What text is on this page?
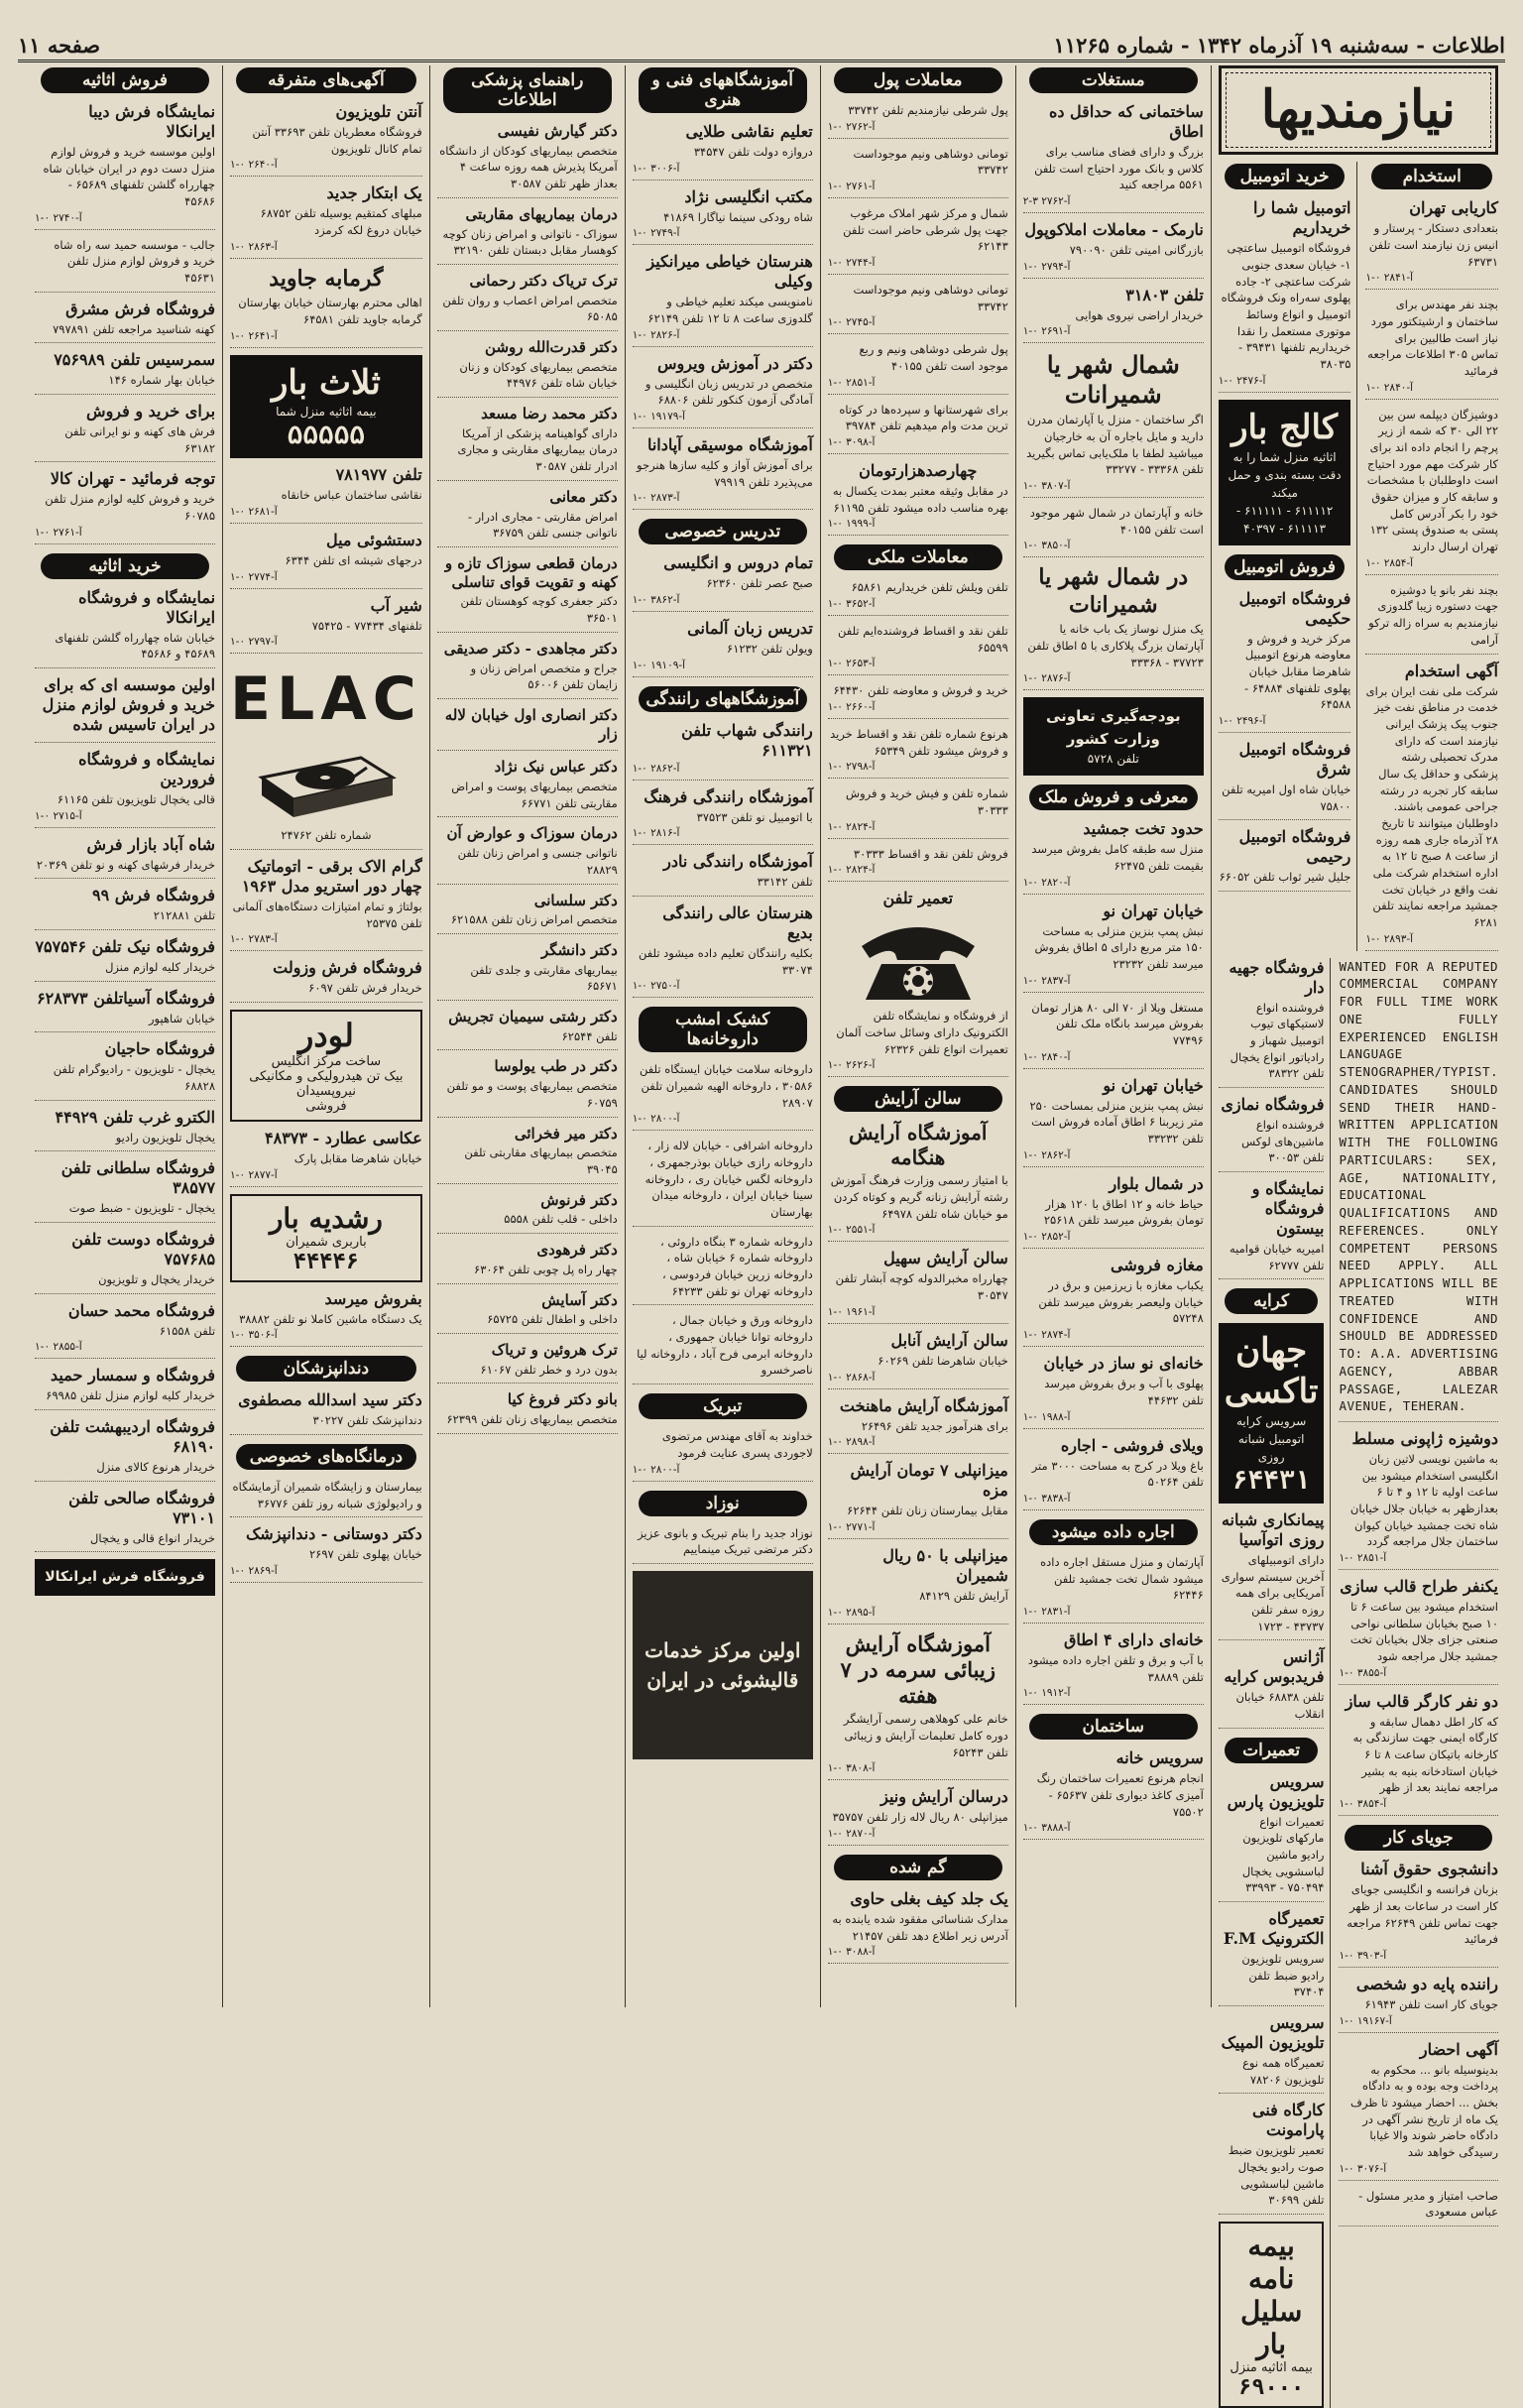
اطلاعات - سه‌شنبه ۱۹ آذرماه ۱۳۴۲ - شماره ۱۱۲۶۵
صفحه ۱۱
نیازمندیها
استخدام
کاریابی تهران

بتعدادی دستکار - پرستار و انیس زن نیازمند است تلفن ۶۳۷۳۱

۱-۰ آ-۲۸۴۱

بچند نفر مهندس برای ساختمان و ارشیتکتور مورد نیاز است طالبین برای تماس ۳۰۵ اطلاعات مراجعه فرمائید

۱-۰ آ-۲۸۴۰

دوشیزگان دیپلمه سن بین ۲۲ الی ۳۰ که شمه از زیر پرچم را انجام داده اند برای کار شرکت مهم مورد احتیاج است داوطلبان با مشخصات و سابقه کار و میزان حقوق خود را بکر آدرس کامل پستی به صندوق پستی ۱۳۲ تهران ارسال دارند

۱-۰ آ-۲۸۵۴

بچند نفر بانو یا دوشیزه جهت دستوره زیبا گلدوزی نیازمندیم به سراه زاله ترکو آرامی

آگهی استخدام

شرکت ملی نفت ایران برای خدمت در مناطق نفت خیز جنوب پیک پزشک ایرانی نیازمند است که دارای مدرک تحصیلی رشته پزشکی و حداقل یک سال سابقه کار تجربه در رشته جراحی عمومی باشند. داوطلبان میتوانند تا تاریخ ۲۸ آذرماه جاری همه روزه از ساعت ۸ صبح تا ۱۲ به اداره استخدام شرکت ملی نفت واقع در خیابان تخت جمشید مراجعه نمایند تلفن ۶۲۸۱

۱-۰ آ-۲۸۹۳
خرید اتومبیل
اتومبیل شما را خریداریم

فروشگاه اتومبیل ساعتچی ۱- خیابان سعدی جنوبی شرکت ساعتچی ۲- جاده پهلوی سه‌راه ونک فروشگاه اتومبیل و انواع وسائط موتوری مستعمل را نقدا خریداریم تلفنها ۳۹۴۳۱ - ۳۸۰۳۵

۱-۰ آ-۲۴۷۶
کالج بار
اثاثیه منزل شما را به دقت بسته بندی و حمل میکند
۶۱۱۱۱۲ - ۶۱۱۱۱۱ - ۶۱۱۱۱۳ - ۴۰۳۹۷
فروش اتومبیل
فروشگاه اتومبیل حکیمی

مرکز خرید و فروش و معاوضه هرنوع اتومبیل شاهرضا مقابل خیابان پهلوی تلفنهای ۶۴۸۸۴ - ۶۴۵۸۸

۱-۰ آ-۲۴۹۶
فروشگاه اتومبیل شرق

خیابان شاه اول امیریه تلفن ۷۵۸۰۰

فروشگاه اتومبیل رحیمی

جلیل شیر ثواب تلفن ۶۶۰۵۲

WANTED FOR A REPUTED COMMERCIAL COMPANY FOR FULL TIME WORK ONE FULLY EXPERIENCED ENGLISH LANGUAGE STENOGRAPHER/TYPIST. CANDIDATES SHOULD SEND THEIR HAND-WRITTEN APPLICATION WITH THE FOLLOWING PARTICULARS: SEX, AGE, NATIONALITY, EDUCATIONAL QUALIFICATIONS AND REFERENCES. ONLY COMPETENT PERSONS NEED APPLY. ALL APPLICATIONS WILL BE TREATED WITH CONFIDENCE AND SHOULD BE ADDRESSED TO: A.A. ADVERTISING AGENCY, ABBAR PASSAGE, LALEZAR AVENUE, TEHERAN.
دوشیزه ژاپونی مسلط

به ماشین نویسی لاتین زبان انگلیسی استخدام میشود بین ساعت اولیه تا ۱۲ و ۴ تا ۶ بعدازظهر به خیابان جلال خیابان شاه تخت جمشید خیابان کیوان ساختمان جلال مراجعه گردد

۱-۰ آ-۲۸۵۱
یکنفر طراح قالب سازی

استخدام میشود بین ساعت ۶ تا ۱۰ صبح بخیابان سلطانی نواحی صنعتی جزای جلال بخیابان تخت جمشید جلال مراجعه شود

۱-۰ آ-۳۸۵۵
دو نفر کارگر قالب ساز

که کار اطل دهمال سابقه و کارگاه ایمنی جهت سازندگی به کارخانه باتیکان ساعت ۸ تا ۶ خیابان استادخانه بنیه به بشیر مراجعه نمایند بعد از ظهر

۱-۰ آ-۳۸۵۴
جویای کار
دانشجوی حقوق آشنا

بزبان فرانسه و انگلیسی جویای کار است در ساعات بعد از ظهر جهت تماس تلفن ۶۲۶۴۹ مراجعه فرمائید

۱-۰ آ-۳۹۰۳
راننده پایه دو شخصی

جویای کار است تلفن ۶۱۹۴۳

۱-۰ آ-۱۹۱۶۷
آگهی احضار

بدینوسیله بانو ... محکوم به پرداخت وجه بوده و به دادگاه بخش ... احضار میشود تا ظرف یک ماه از تاریخ نشر آگهی در دادگاه حاضر شوند والا غیابا رسیدگی خواهد شد

۱-۰ آ-۳۰۷۶

صاحب امتیاز و مدیر مسئول - عباس مسعودی

فروشگاه جهیه دار

فروشنده انواع لاستیکهای تیوب اتومبیل شهباز و رادیاتور انواع یخچال تلفن ۳۸۳۲۲

فروشگاه نمازی

فروشنده انواع ماشین‌های لوکس تلفن ۳۰۰۵۳

نمایشگاه و فروشگاه بیستون

امیریه خیابان قوامیه تلفن ۶۲۷۷۷

کرایه
جهان تاکسی
سرویس کرایه اتومبیل شبانه روزی
۶۴۴۳۱
پیمانکاری شبانه روزی اتوآسیا

دارای اتومبیلهای آخرین سیستم سواری آمریکایی برای همه روزه سفر تلفن ۴۳۷۳۷ - ۱۷۲۳

آژانس فریدبوس کرایه

تلفن ۶۸۸۳۸ خیابان انقلاب

تعمیرات
سرویس تلویزیون پارس

تعمیرات انواع مارکهای تلویزیون رادیو ماشین لباسشویی یخچال ۷۵۰۴۹۴ - ۳۳۹۹۳

تعمیرگاه الکترونیک F.M

سرویس تلویزیون رادیو ضبط تلفن ۳۷۴۰۴

سرویس تلویزیون المپیک

تعمیرگاه همه نوع تلویزیون ۷۸۲۰۶

کارگاه فنی پارامونت

تعمیر تلویزیون ضبط صوت رادیو یخچال ماشین لباسشویی تلفن ۳۰۶۹۹

بیمه نامه سلیل بار
بیمه اثاثیه منزل
۶۹۰۰۰
مستغلات
ساختمانی که حداقل ده اطاق

بزرگ و دارای فضای مناسب برای کلاس و بانک مورد احتیاج است تلفن ۵۵۶۱ مراجعه کنید

۲-۳ آ-۲۷۶۲
نارمک - معاملات املاکوپول

بازرگانی امینی تلفن ۷۹۰۰۹۰

۱-۰ آ-۲۷۹۴
تلفن ۳۱۸۰۳

خریدار اراضی نیروی هوایی

۱-۰ آ-۲۶۹۱
شمال شهر یا شمیرانات

اگر ساختمان - منزل یا آپارتمان مدرن دارید و مایل باجاره آن به خارجیان میباشید لطفا با ملک‌یابی تماس بگیرید تلفن ۳۳۳۶۸ - ۳۳۲۷۷

۱-۰ آ-۳۸۰۷

خانه و آپارتمان در شمال شهر موجود است تلفن ۴۰۱۵۵

۱-۰ آ-۳۸۵۰
در شمال شهر یا شمیرانات

یک منزل نوساز یک باب خانه یا آپارتمان بزرگ پلاکاری با ۵ اطاق تلفن ۳۷۷۲۳ - ۳۳۳۶۸

۱-۰ آ-۲۸۷۶
بودجه‌گیری تعاونی وزارت کشور
تلفن ۵۷۲۸
معرفی و فروش ملک
حدود تخت جمشید

منزل سه طبقه کامل بفروش میرسد بقیمت تلفن ۶۲۴۷۵

۱-۰ آ-۲۸۲۰
خیابان تهران نو

نبش پمپ بنزین منزلی به مساحت ۱۵۰ متر مربع دارای ۵ اطاق بفروش میرسد تلفن ۲۳۲۳۲

۱-۰ آ-۲۸۳۷

مستغل ویلا از ۷۰ الی ۸۰ هزار تومان بفروش میرسد بانگاه ملک تلفن ۷۷۴۹۶

۱-۰ آ-۲۸۴۰
خیابان تهران نو

نبش پمپ بنزین منزلی بمساحت ۲۵۰ متر زیربنا ۶ اطاق آماده فروش است تلفن ۳۳۲۳۲

۱-۰ آ-۲۸۶۲
در شمال بلوار

حیاط خانه و ۱۲ اطاق با ۱۲۰ هزار تومان بفروش میرسد تلفن ۲۵۶۱۸

۱-۰ آ-۲۸۵۲
مغازه فروشی

یکباب مغازه با زیرزمین و برق در خیابان ولیعصر بفروش میرسد تلفن ۵۷۲۴۸

۱-۰ آ-۲۸۷۴
خانه‌ای نو ساز در خیابان

پهلوی با آب و برق بفروش میرسد تلفن ۴۴۶۳۲

۱-۰ آ-۱۹۸۸
ویلای فروشی - اجاره

باغ ویلا در کرج به مساحت ۳۰۰۰ متر تلفن ۵۰۲۶۴

۱-۰ آ-۳۸۳۸
اجاره داده میشود

آپارتمان و منزل مستقل اجاره داده میشود شمال تخت جمشید تلفن ۶۲۴۴۶

۱-۰ آ-۲۸۳۱
خانه‌ای دارای ۴ اطاق

با آب و برق و تلفن اجاره داده میشود تلفن ۳۸۸۸۹

۱-۰ آ-۱۹۱۲
ساختمان
سرویس خانه

انجام هرنوع تعمیرات ساختمان رنگ آمیزی کاغذ دیواری تلفن ۶۵۶۳۷ - ۷۵۵۰۲

۱-۰ آ-۳۸۸۸
معاملات پول

پول شرطی نیازمندیم تلفن ۳۳۷۴۲

۱-۰ آ-۲۷۶۲

تومانی دوشاهی ونیم موجوداست ۳۳۷۴۲

۱-۰ آ-۲۷۶۱

شمال و مرکز شهر املاک مرغوب جهت پول شرطی حاضر است تلفن ۶۲۱۴۳

۱-۰ آ-۲۷۴۴

تومانی دوشاهی ونیم موجوداست ۳۳۷۴۲

۱-۰ آ-۲۷۴۵

پول شرطی دوشاهی ونیم و ربع موجود است تلفن ۴۰۱۵۵

۱-۰ آ-۲۸۵۱

برای شهرستانها و سپرده‌ها در کوتاه ترین مدت وام میدهیم تلفن ۳۹۷۸۴

۱-۰ آ-۳۰۹۸
چهارصدهزارتومان

در مقابل وثیقه معتبر بمدت یکسال به بهره مناسب داده میشود تلفن ۶۱۱۹۵

۱-۰ آ-۱۹۹۹
معاملات ملکی

تلفن ویلش تلفن خریداریم ۶۵۸۶۱

۱-۰ آ-۳۶۵۲

تلفن نقد و اقساط فروشنده‌ایم تلفن ۶۵۵۹۹

۱-۰ آ-۲۶۵۳

خرید و فروش و معاوضه تلفن ۶۴۴۳۰

۱-۰ آ-۲۶۶۰

هرنوع شماره تلفن نقد و اقساط خرید و فروش میشود تلفن ۶۵۳۴۹

۱-۰ آ-۲۷۹۸

شماره تلفن و فیش خرید و فروش ۳۰۳۳۳

۱-۰ آ-۲۸۲۴

فروش تلفن نقد و اقساط ۳۰۳۳۳

۱-۰ آ-۲۸۲۴
تعمیر تلفن

از فروشگاه و نمایشگاه تلفن الکترونیک دارای وسائل ساخت آلمان تعمیرات انواع تلفن ۶۲۳۲۶

۱-۰ آ-۲۶۲۶
سالن آرایش
آموزشگاه آرایش هنگامه

با امتیاز رسمی وزارت فرهنگ آموزش رشته آرایش زنانه گریم و کوتاه کردن مو خیابان شاه تلفن ۶۴۹۷۸

۱-۰ آ-۲۵۵۱
سالن آرایش سهیل

چهارراه مخبرالدوله کوچه آبشار تلفن ۳۰۵۴۷

۱-۰ آ-۱۹۶۱
سالن آرایش آنابل

خیابان شاهرضا تلفن ۶۰۲۶۹

۱-۰ آ-۲۸۶۸
آموزشگاه آرایش ماهنخت

برای هنرآموز جدید تلفن ۲۶۴۹۶

۱-۰ آ-۲۸۹۸
میزانپلی ۷ تومان آرایش مزه

مقابل بیمارستان زنان تلفن ۶۲۶۴۴

۱-۰ آ-۲۷۷۱
میزانپلی با ۵۰ ریال شمیران

آرایش تلفن ۸۴۱۲۹

۱-۰ آ-۲۸۹۵
آموزشگاه آرایش زیبائی سرمه در ۷ هفته

خانم علی کوهلاهی رسمی آرایشگر دوره کامل تعلیمات آرایش و زیبائی تلفن ۶۵۲۴۳

۱-۰ آ-۳۸۰۸
درسالن آرایش ونیز

میزانپلی ۸۰ ریال لاله زار تلفن ۳۵۷۵۷

۱-۰ آ-۲۸۷۰
گم شده
یک جلد کیف بغلی حاوی

مدارک شناسائی مفقود شده یابنده به آدرس زیر اطلاع دهد تلفن ۲۱۴۵۷

۱-۰ آ-۳۰۸۸
آموزشگاههای فنی و هنری
تعلیم نقاشی طلایی

دروازه دولت تلفن ۳۴۵۴۷

۱-۰ آ-۳۰۰۶
مکتب انگلیسی نژاد

شاه رودکی سینما نیاگارا ۴۱۸۶۹

۱-۰ آ-۲۷۴۹
هنرستان خیاطی میرانکیز وکیلی

نامنویسی میکند تعلیم خیاطی و گلدوزی ساعت ۸ تا ۱۲ تلفن ۶۲۱۴۹

۱-۰ آ-۲۸۲۶
دکتر در آموزش ویروس

متخصص در تدریس زبان انگلیسی و آمادگی آزمون کنکور تلفن ۶۸۸۰۶

۱-۰ آ-۱۹۱۷۹
آموزشگاه موسیقی آپادانا

برای آموزش آواز و کلیه سازها هنرجو می‌پذیرد تلفن ۷۹۹۱۹

۱-۰ آ-۲۸۷۳
تدریس خصوصی
تمام دروس و انگلیسی

صبح عصر تلفن ۶۲۳۶۰

۱-۰ آ-۳۸۶۲
تدریس زبان آلمانی

ویولن تلفن ۶۱۲۳۲

۱-۰ آ-۱۹۱۰۹
آموزشگاههای رانندگی
رانندگی شهاب تلفن ۶۱۱۳۲۱
۱-۰ آ-۲۸۶۲
آموزشگاه رانندگی فرهنگ

با اتومبیل نو تلفن ۳۷۵۲۳

۱-۰ آ-۲۸۱۶
آموزشگاه رانندگی نادر

تلفن ۳۳۱۴۲

هنرستان عالی رانندگی بدیع

بکلیه رانندگان تعلیم داده میشود تلفن ۳۳۰۷۴

۱-۰ آ-۲۷۵۰
کشیک امشب داروخانه‌ها

داروخانه سلامت خیابان ایستگاه تلفن ۳۰۵۸۶ ، داروخانه الهیه شمیران تلفن ۲۸۹۰۷

۱-۰ آ-۲۸۰۰

داروخانه اشرافی - خیابان لاله زار ، داروخانه رازی خیابان بوذرجمهری ، داروخانه لگس خیابان ری ، داروخانه سینا خیابان ایران ، داروخانه میدان بهارستان

داروخانه شماره ۳ بنگاه داروئی ، داروخانه شماره ۶ خیابان شاه ، داروخانه زرین خیابان فردوسی ، داروخانه تهران نو تلفن ۶۴۲۳۳

داروخانه ورق و خیابان جمال ، داروخانه توانا خیابان جمهوری ، داروخانه ابرمی فرح آباد ، داروخانه لیا ناصرخسرو

تبریک

خداوند به آقای مهندس مرتضوی لاجوردی پسری عنایت فرمود

۱-۰ آ-۲۸۰۰
نوزاد

نوزاد جدید را بنام تبریک و بانوی عزیز دکتر مرتضی تبریک مینماییم

اولین مرکز خدمات قالیشوئی در ایران
راهنمای پزشکی اطلاعات
دکتر گیارش نفیسی

متخصص بیماریهای کودکان از دانشگاه آمریکا پذیرش همه روزه ساعت ۴ بعداز ظهر تلفن ۳۰۵۸۷

درمان بیماریهای مقاربتی

سوزاک - ناتوانی و امراض زنان کوچه کوهسار مقابل دبستان تلفن ۳۲۱۹۰

ترک تریاک دکتر رحمانی

متخصص امراض اعصاب و روان تلفن ۶۵۰۸۵

دکتر قدرت‌الله روشن

متخصص بیماریهای کودکان و زنان خیابان شاه تلفن ۴۴۹۷۶

دکتر محمد رضا مسعد

دارای گواهینامه پزشکی از آمریکا درمان بیماریهای مقاربتی و مجاری ادرار تلفن ۳۰۵۸۷

دکتر معانی

امراض مقاربتی - مجاری ادرار - ناتوانی جنسی تلفن ۳۶۷۵۹

درمان قطعی سوزاک تازه و کهنه و تقویت قوای تناسلی

دکتر جعفری کوچه کوهستان تلفن ۳۶۵۰۱

دکتر مجاهدی - دکتر صدیقی

جراح و متخصص امراض زنان و زایمان تلفن ۵۶۰۰۶

دکتر انصاری اول خیابان لاله زار
دکتر عباس نیک نژاد

متخصص بیماریهای پوست و امراض مقاربتی تلفن ۶۶۷۷۱

درمان سوزاک و عوارض آن

ناتوانی جنسی و امراض زنان تلفن ۲۸۸۲۹

دکتر سلسانی

متخصص امراض زنان تلفن ۶۲۱۵۸۸

دکتر دانشگر

بیماریهای مقاربتی و جلدی تلفن ۶۵۶۷۱

دکتر رشتی سیمیان تجریش

تلفن ۶۲۵۴۴

دکتر در طب یولوسا

متخصص بیماریهای پوست و مو تلفن ۶۰۷۵۹

دکتر میر فخرائی

متخصص بیماریهای مقاربتی تلفن ۳۹۰۴۵

دکتر فرنوش

داخلی - قلب تلفن ۵۵۵۸

دکتر فرهودی

چهار راه پل چوبی تلفن ۶۳۰۶۴

دکتر آسایش

داخلی و اطفال تلفن ۶۵۷۲۵

ترک هروئین و تریاک

بدون درد و خطر تلفن ۶۱۰۶۷

بانو دکتر فروغ کیا

متخصص بیماریهای زنان تلفن ۶۲۳۹۹

آگهی‌های متفرقه
آنتن تلویزیون

فروشگاه معطریان تلفن ۳۳۶۹۳ آنتن تمام کانال تلویزیون

۱-۰ آ-۲۶۴۰
یک ابتکار جدید

مبلهای کمتقیم یوسیله تلفن ۶۸۷۵۲ خیابان دروغ لکه کرمزد

۱-۰ آ-۲۸۶۳
گرمابه جاوید

اهالی محترم بهارستان خیابان بهارستان گرمابه جاوید تلفن ۶۴۵۸۱

۱-۰ آ-۲۶۴۱
ثلاث بار
بیمه اثاثیه منزل شما
۵۵۵۵۵
تلفن ۷۸۱۹۷۷

نقاشی ساختمان عباس خانقاه

۱-۰ آ-۲۶۸۱
دستشوئی میل

درجهای شیشه ای تلفن ۶۳۴۴

۱-۰ آ-۲۷۷۴
شیر آب

تلفنهای ۷۷۴۳۴ - ۷۵۴۲۵

۱-۰ آ-۲۷۹۷
ELAC

شماره تلفن ۲۴۷۶۲

گرام الاک برقی - اتوماتیک چهار دور استریو مدل ۱۹۶۳

بولتاژ و تمام امتیازات دستگاه‌های آلمانی تلفن ۲۵۳۷۵

۱-۰ آ-۲۷۸۳
فروشگاه فرش وزولت

خریدار فرش تلفن ۶۰۹۷

لودر

ساخت مرکز انگلیس

بیک تن هیدرولیکی و مکانیکی نیروپسیدان

فروشی

عکاسی عطارد - ۴۸۳۷۳

خیابان شاهرضا مقابل پارک

۱-۰ آ-۲۸۷۷
رشدیه بار
باربری شمیران
۴۴۴۴۶
بفروش میرسد

یک دستگاه ماشین کاملا نو تلفن ۳۸۸۸۲

۱-۰ آ-۳۵۰۶
دندانپزشکان
دکتر سید اسدالله مصطفوی

دندانپزشک تلفن ۳۰۲۲۷

درمانگاه‌های خصوصی

بیمارستان و زایشگاه شمیران آزمایشگاه و رادیولوژی شبانه روز تلفن ۳۶۷۷۶

دکتر دوستانی - دندانپزشک

خیابان پهلوی تلفن ۲۶۹۷

۱-۰ آ-۲۸۶۹
فروش اثاثیه
نمایشگاه فرش دیبا ایرانکالا

اولین موسسه خرید و فروش لوازم منزل دست دوم در ایران خیابان شاه چهارراه گلشن تلفنهای ۶۵۶۸۹ - ۴۵۶۸۶

۱-۰ آ-۲۷۴۰

جالب - موسسه حمید سه راه شاه خرید و فروش لوازم منزل تلفن ۴۵۶۳۱

فروشگاه فرش مشرق

کهنه شناسید مراجعه تلفن ۷۹۷۸۹۱

سمرسیس تلفن ۷۵۶۹۸۹

خیابان بهار شماره ۱۴۶

برای خرید و فروش

فرش های کهنه و نو ایرانی تلفن ۶۳۱۸۲

توجه فرمائید - تهران کالا

خرید و فروش کلیه لوازم منزل تلفن ۶۰۷۸۵

۱-۰ آ-۲۷۶۱
خرید اثاثیه
نمایشگاه و فروشگاه ایرانکالا

خیابان شاه چهارراه گلشن تلفنهای ۴۵۶۸۹ و ۴۵۶۸۶

اولین موسسه ای که برای خرید و فروش لوازم منزل در ایران تاسیس شده
نمایشگاه و فروشگاه فروردین

قالی یخچال تلویزیون تلفن ۶۱۱۶۵

۱-۰ آ-۲۷۱۵
شاه آباد بازار فرش

خریدار فرشهای کهنه و نو تلفن ۲۰۳۶۹

فروشگاه فرش ۹۹

تلفن ۲۱۲۸۸۱

فروشگاه نیک تلفن ۷۵۷۵۴۶

خریدار کلیه لوازم منزل

فروشگاه آسیاتلفن ۶۲۸۳۷۳

خیابان شاهپور

فروشگاه حاجیان

یخچال - تلویزیون - رادیوگرام تلفن ۶۸۸۲۸

الکترو غرب تلفن ۴۴۹۲۹

یخچال تلویزیون رادیو

فروشگاه سلطانی تلفن ۳۸۵۷۷

یخچال - تلویزیون - ضبط صوت

فروشگاه دوست تلفن ۷۵۷۶۸۵

خریدار یخچال و تلویزیون

فروشگاه محمد حسان

تلفن ۶۱۵۵۸

۱-۰ آ-۲۸۵۵
فروشگاه و سمسار حمید

خریدار کلیه لوازم منزل تلفن ۶۹۹۸۵

فروشگاه اردیبهشت تلفن ۶۸۱۹۰

خریدار هرنوع کالای منزل

فروشگاه صالحی تلفن ۷۳۱۰۱

خریدار انواع قالی و یخچال

فروشگاه فرش ایرانکالا
